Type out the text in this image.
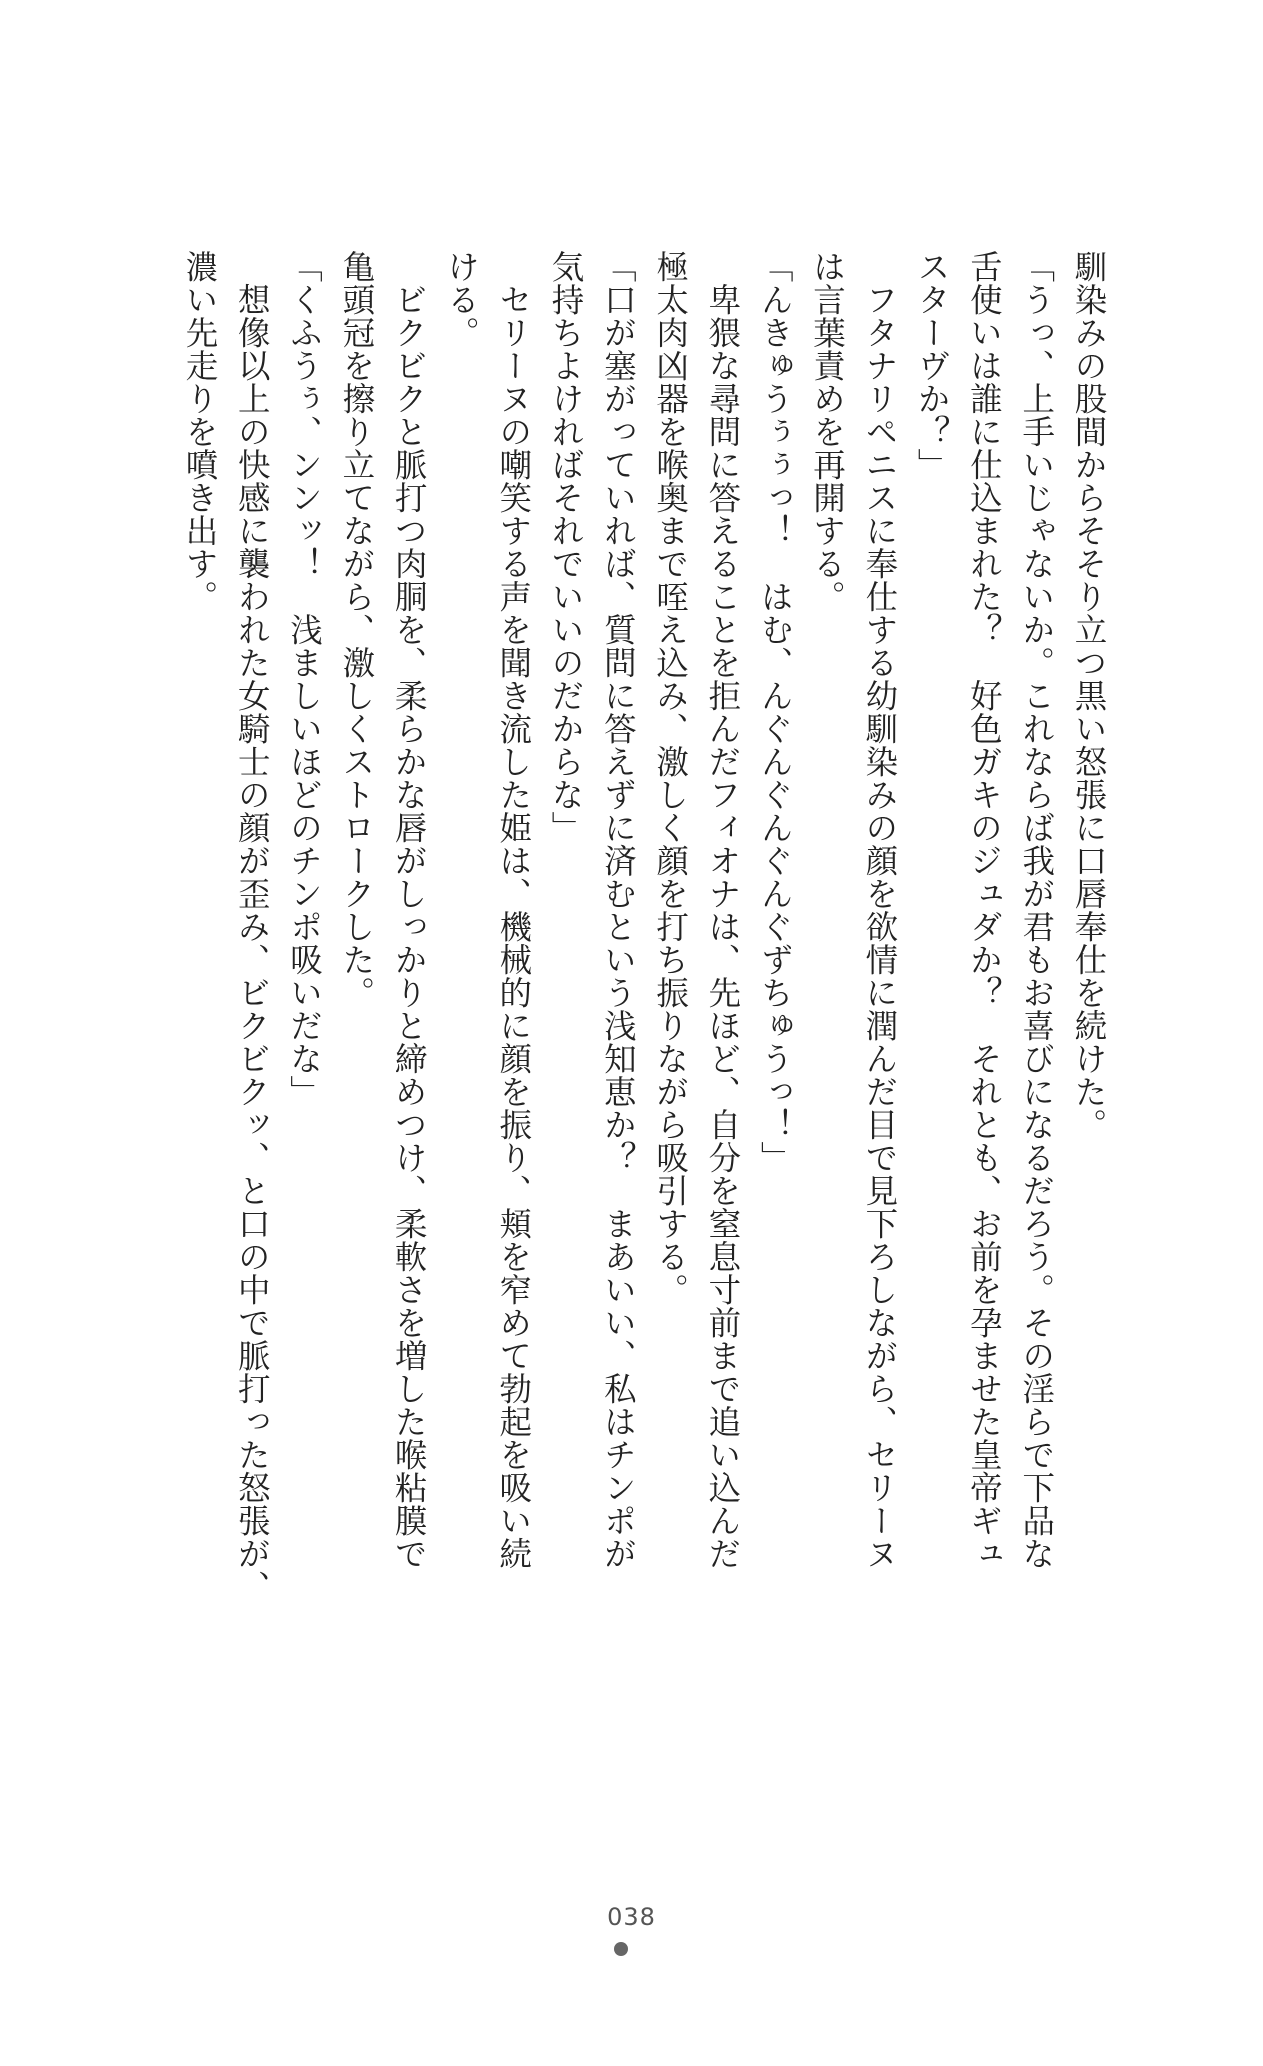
馴染みの股間からそそり立つ黒い怒張に口唇奉仕を続けた。
「うっ、上手いじゃないか。これならば我が君もお喜びになるだろう。その淫らで下品な
舌使いは誰に仕込まれた？　好色ガキのジュダか？　それとも、お前を孕ませた皇帝ギュ
スターヴか？」
　フタナリペニスに奉仕する幼馴染みの顔を欲情に潤んだ目で見下ろしながら、セリーヌ
は言葉責めを再開する。
「んきゅうぅぅっ！　はむ、んぐんぐんぐんぐずちゅうっ！」
　卑猥な尋問に答えることを拒んだフィオナは、先ほど、自分を窒息寸前まで追い込んだ
極太肉凶器を喉奥まで咥え込み、激しく顔を打ち振りながら吸引する。
「口が塞がっていれば、質問に答えずに済むという浅知恵か？　まあいい、私はチンポが
気持ちよければそれでいいのだからな」
　セリーヌの嘲笑する声を聞き流した姫は、機械的に顔を振り、頬を窄めて勃起を吸い続
ける。
　ビクビクと脈打つ肉胴を、柔らかな唇がしっかりと締めつけ、柔軟さを増した喉粘膜で
亀頭冠を擦り立てながら、激しくストロークした。
「くふうぅ、ンンッ！　浅ましいほどのチンポ吸いだな」
　想像以上の快感に襲われた女騎士の顔が歪み、ビクビクッ、と口の中で脈打った怒張が、
濃い先走りを噴き出す。
038
